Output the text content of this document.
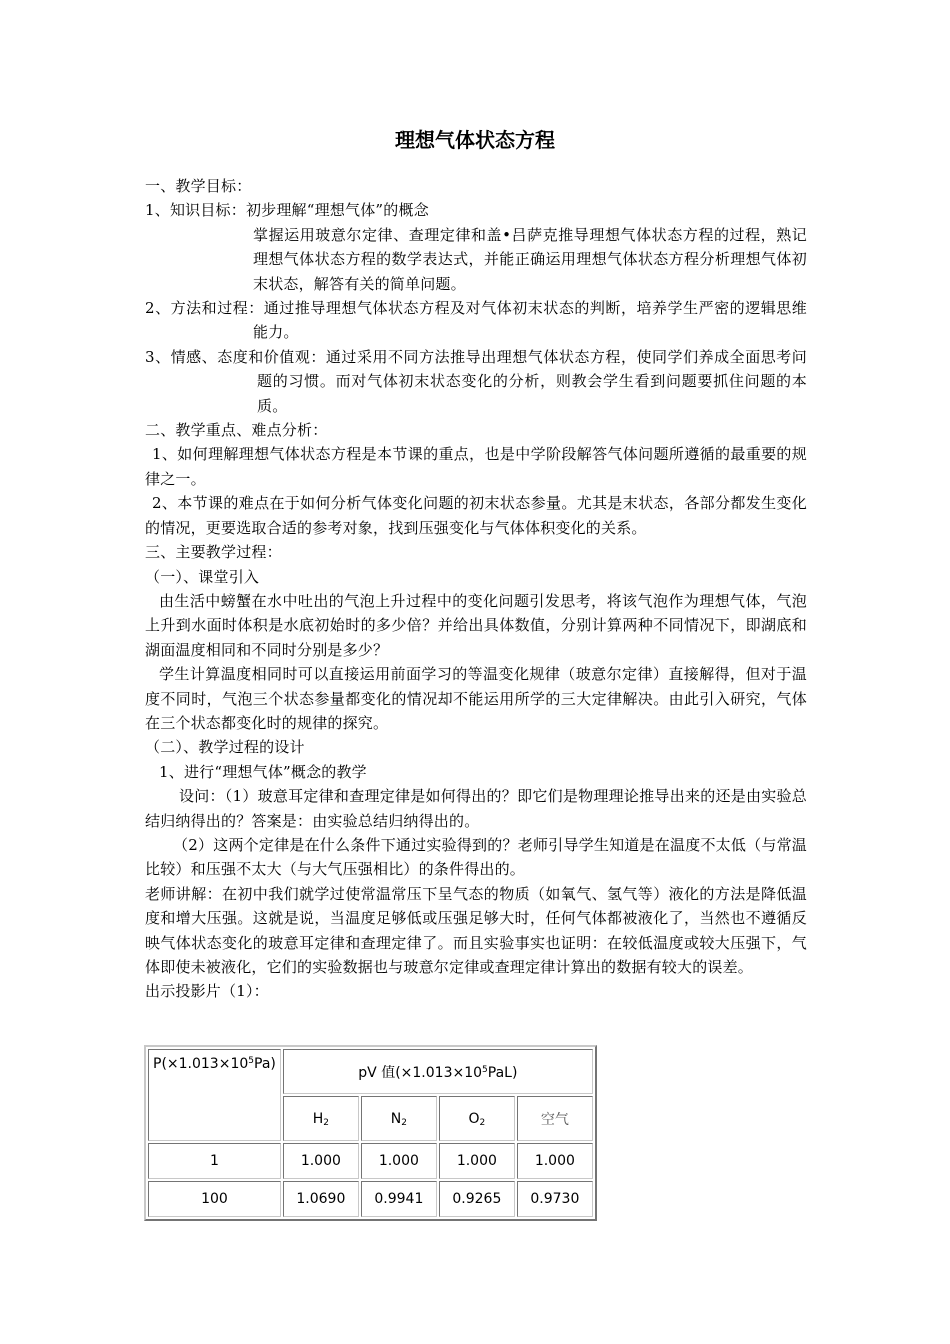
理想气体状态方程

一、教学目标：

1、知识目标：初步理解“理想气体”的概念

掌握运用玻意尔定律、查理定律和盖•吕萨克推导理想气体状态方程的过程，熟记理想气体状态方程的数学表达式，并能正确运用理想气体状态方程分析理想气体初末状态，解答有关的简单问题。

2、方法和过程：通过推导理想气体状态方程及对气体初末状态的判断，培养学生严密的逻辑思维能力。

3、情感、态度和价值观：通过采用不同方法推导出理想气体状态方程，使同学们养成全面思考问题的习惯。而对气体初末状态变化的分析，则教会学生看到问题要抓住问题的本质。

二、教学重点、难点分析：

1、如何理解理想气体状态方程是本节课的重点，也是中学阶段解答气体问题所遵循的最重要的规律之一。

2、本节课的难点在于如何分析气体变化问题的初末状态参量。尤其是末状态，各部分都发生变化的情况，更要选取合适的参考对象，找到压强变化与气体体积变化的关系。

三、主要教学过程：

（一）、课堂引入

由生活中螃蟹在水中吐出的气泡上升过程中的变化问题引发思考，将该气泡作为理想气体，气泡上升到水面时体积是水底初始时的多少倍？并给出具体数值，分别计算两种不同情况下，即湖底和湖面温度相同和不同时分别是多少？

学生计算温度相同时可以直接运用前面学习的等温变化规律（玻意尔定律）直接解得，但对于温度不同时，气泡三个状态参量都变化的情况却不能运用所学的三大定律解决。由此引入研究，气体在三个状态都变化时的规律的探究。

（二）、教学过程的设计

1、进行“理想气体”概念的教学

设问：（1）玻意耳定律和查理定律是如何得出的？即它们是物理理论推导出来的还是由实验总结归纳得出的？答案是：由实验总结归纳得出的。

（2）这两个定律是在什么条件下通过实验得到的？老师引导学生知道是在温度不太低（与常温比较）和压强不太大（与大气压强相比）的条件得出的。

老师讲解：在初中我们就学过使常温常压下呈气态的物质（如氧气、氢气等）液化的方法是降低温度和增大压强。这就是说，当温度足够低或压强足够大时，任何气体都被液化了，当然也不遵循反映气体状态变化的玻意耳定律和查理定律了。而且实验事实也证明：在较低温度或较大压强下，气体即使未被液化，它们的实验数据也与玻意尔定律或查理定律计算出的数据有较大的误差。

出示投影片（1）：

$P(\times 1.013\times 10^5Pa)$	pV 值$(\times 1.013\times 10^5PaL)$			
	$H_2$	$N_2$	$O_2$	空气
1	1.000	1.000	1.000	1.000
100	1.0690	0.9941	0.9265	0.9730
